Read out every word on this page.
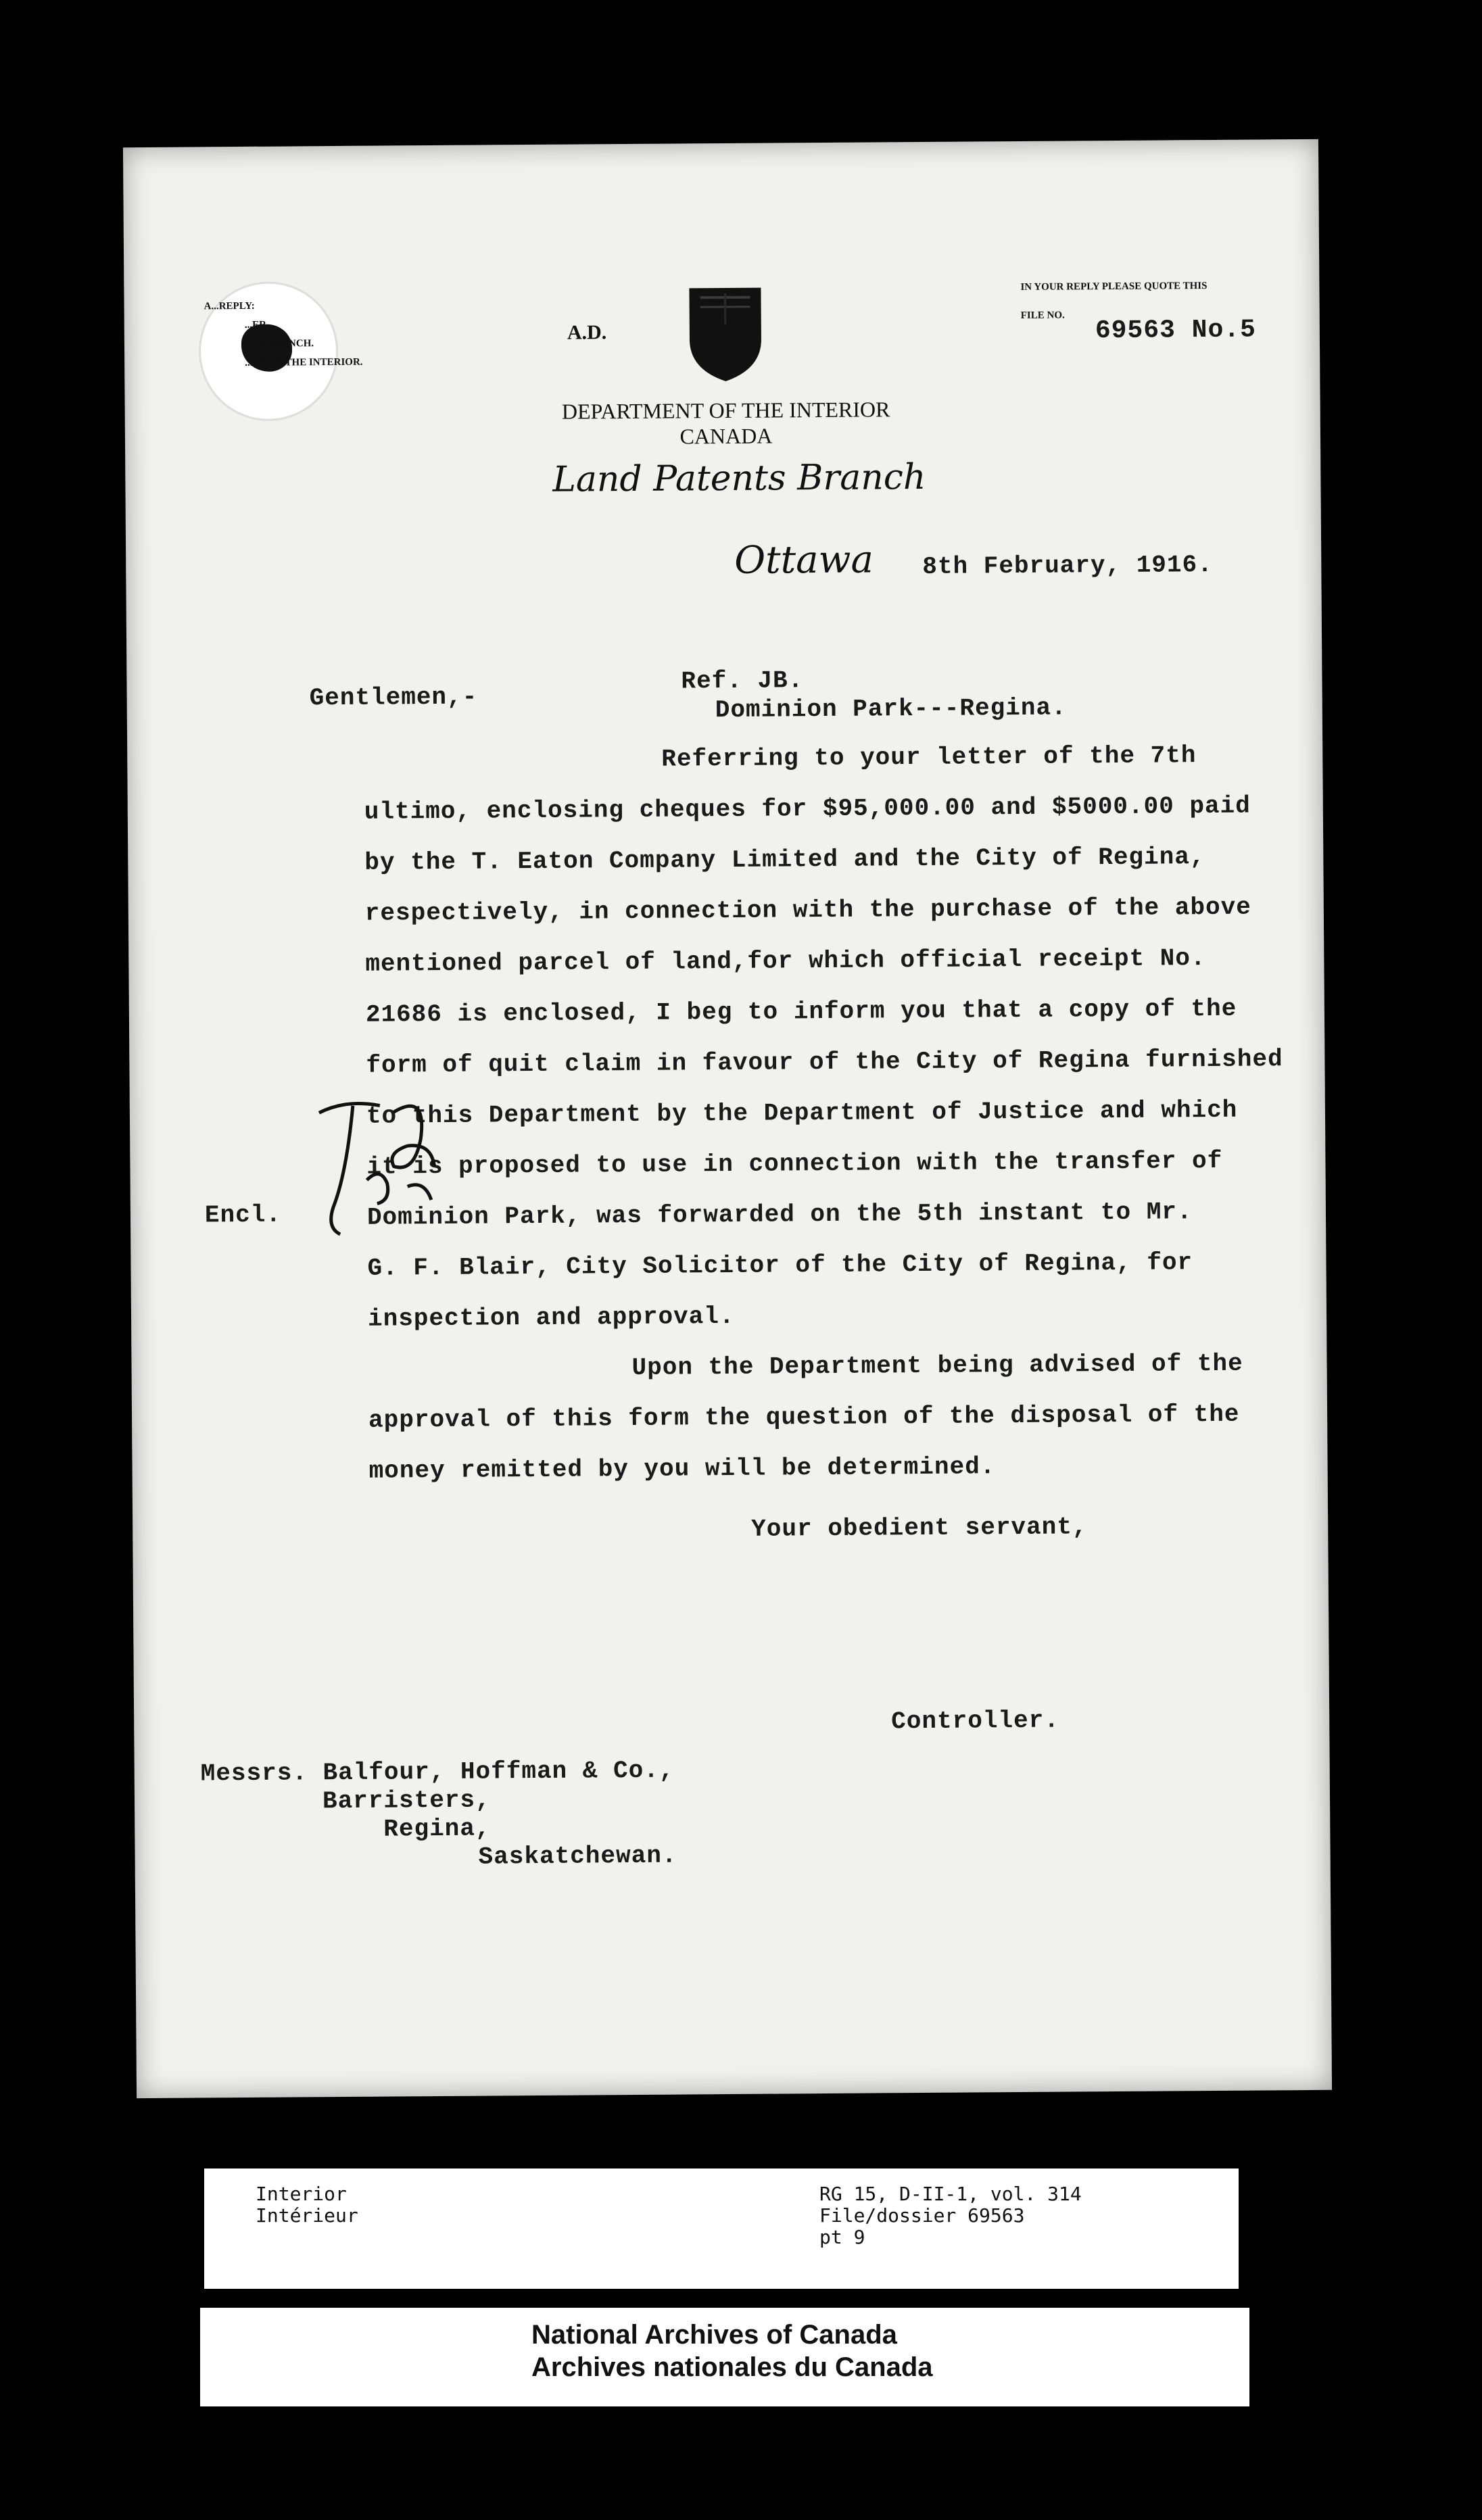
A...REPLY:
...ER.
...TS BRANCH.
...NT OF THE INTERIOR.
A.D.
IN YOUR REPLY PLEASE QUOTE THIS
FILE NO.	69563 No.5
DEPARTMENT OF THE INTERIOR
CANADA
Land Patents Branch
Ottawa 8th February, 1916.
Gentlemen,-
Ref. JB.
Dominion Park---Regina.
Referring to your letter of the 7th
ultimo, enclosing cheques for $95,000.00 and $5000.00 paid
by the T. Eaton Company Limited and the City of Regina,
respectively, in connection with the purchase of the above
mentioned parcel of land,for which official receipt No.
21686 is enclosed, I beg to inform you that a copy of the
form of quit claim in favour of the City of Regina furnished
to this Department by the Department of Justice and which
it is proposed to use in connection with the transfer of
Dominion Park, was forwarded on the 5th instant to Mr.
G. F. Blair, City Solicitor of the City of Regina, for
inspection and approval.
Upon the Department being advised of the
approval of this form the question of the disposal of the
money remitted by you will be determined.
Encl.
Your obedient servant,
Controller.
Messrs. Balfour, Hoffman & Co.,
Barristers,
Regina,
Saskatchewan.
Interior
Intérieur
RG 15, D-II-1, vol. 314
File/dossier 69563
pt 9
National Archives of Canada
Archives nationales du Canada
